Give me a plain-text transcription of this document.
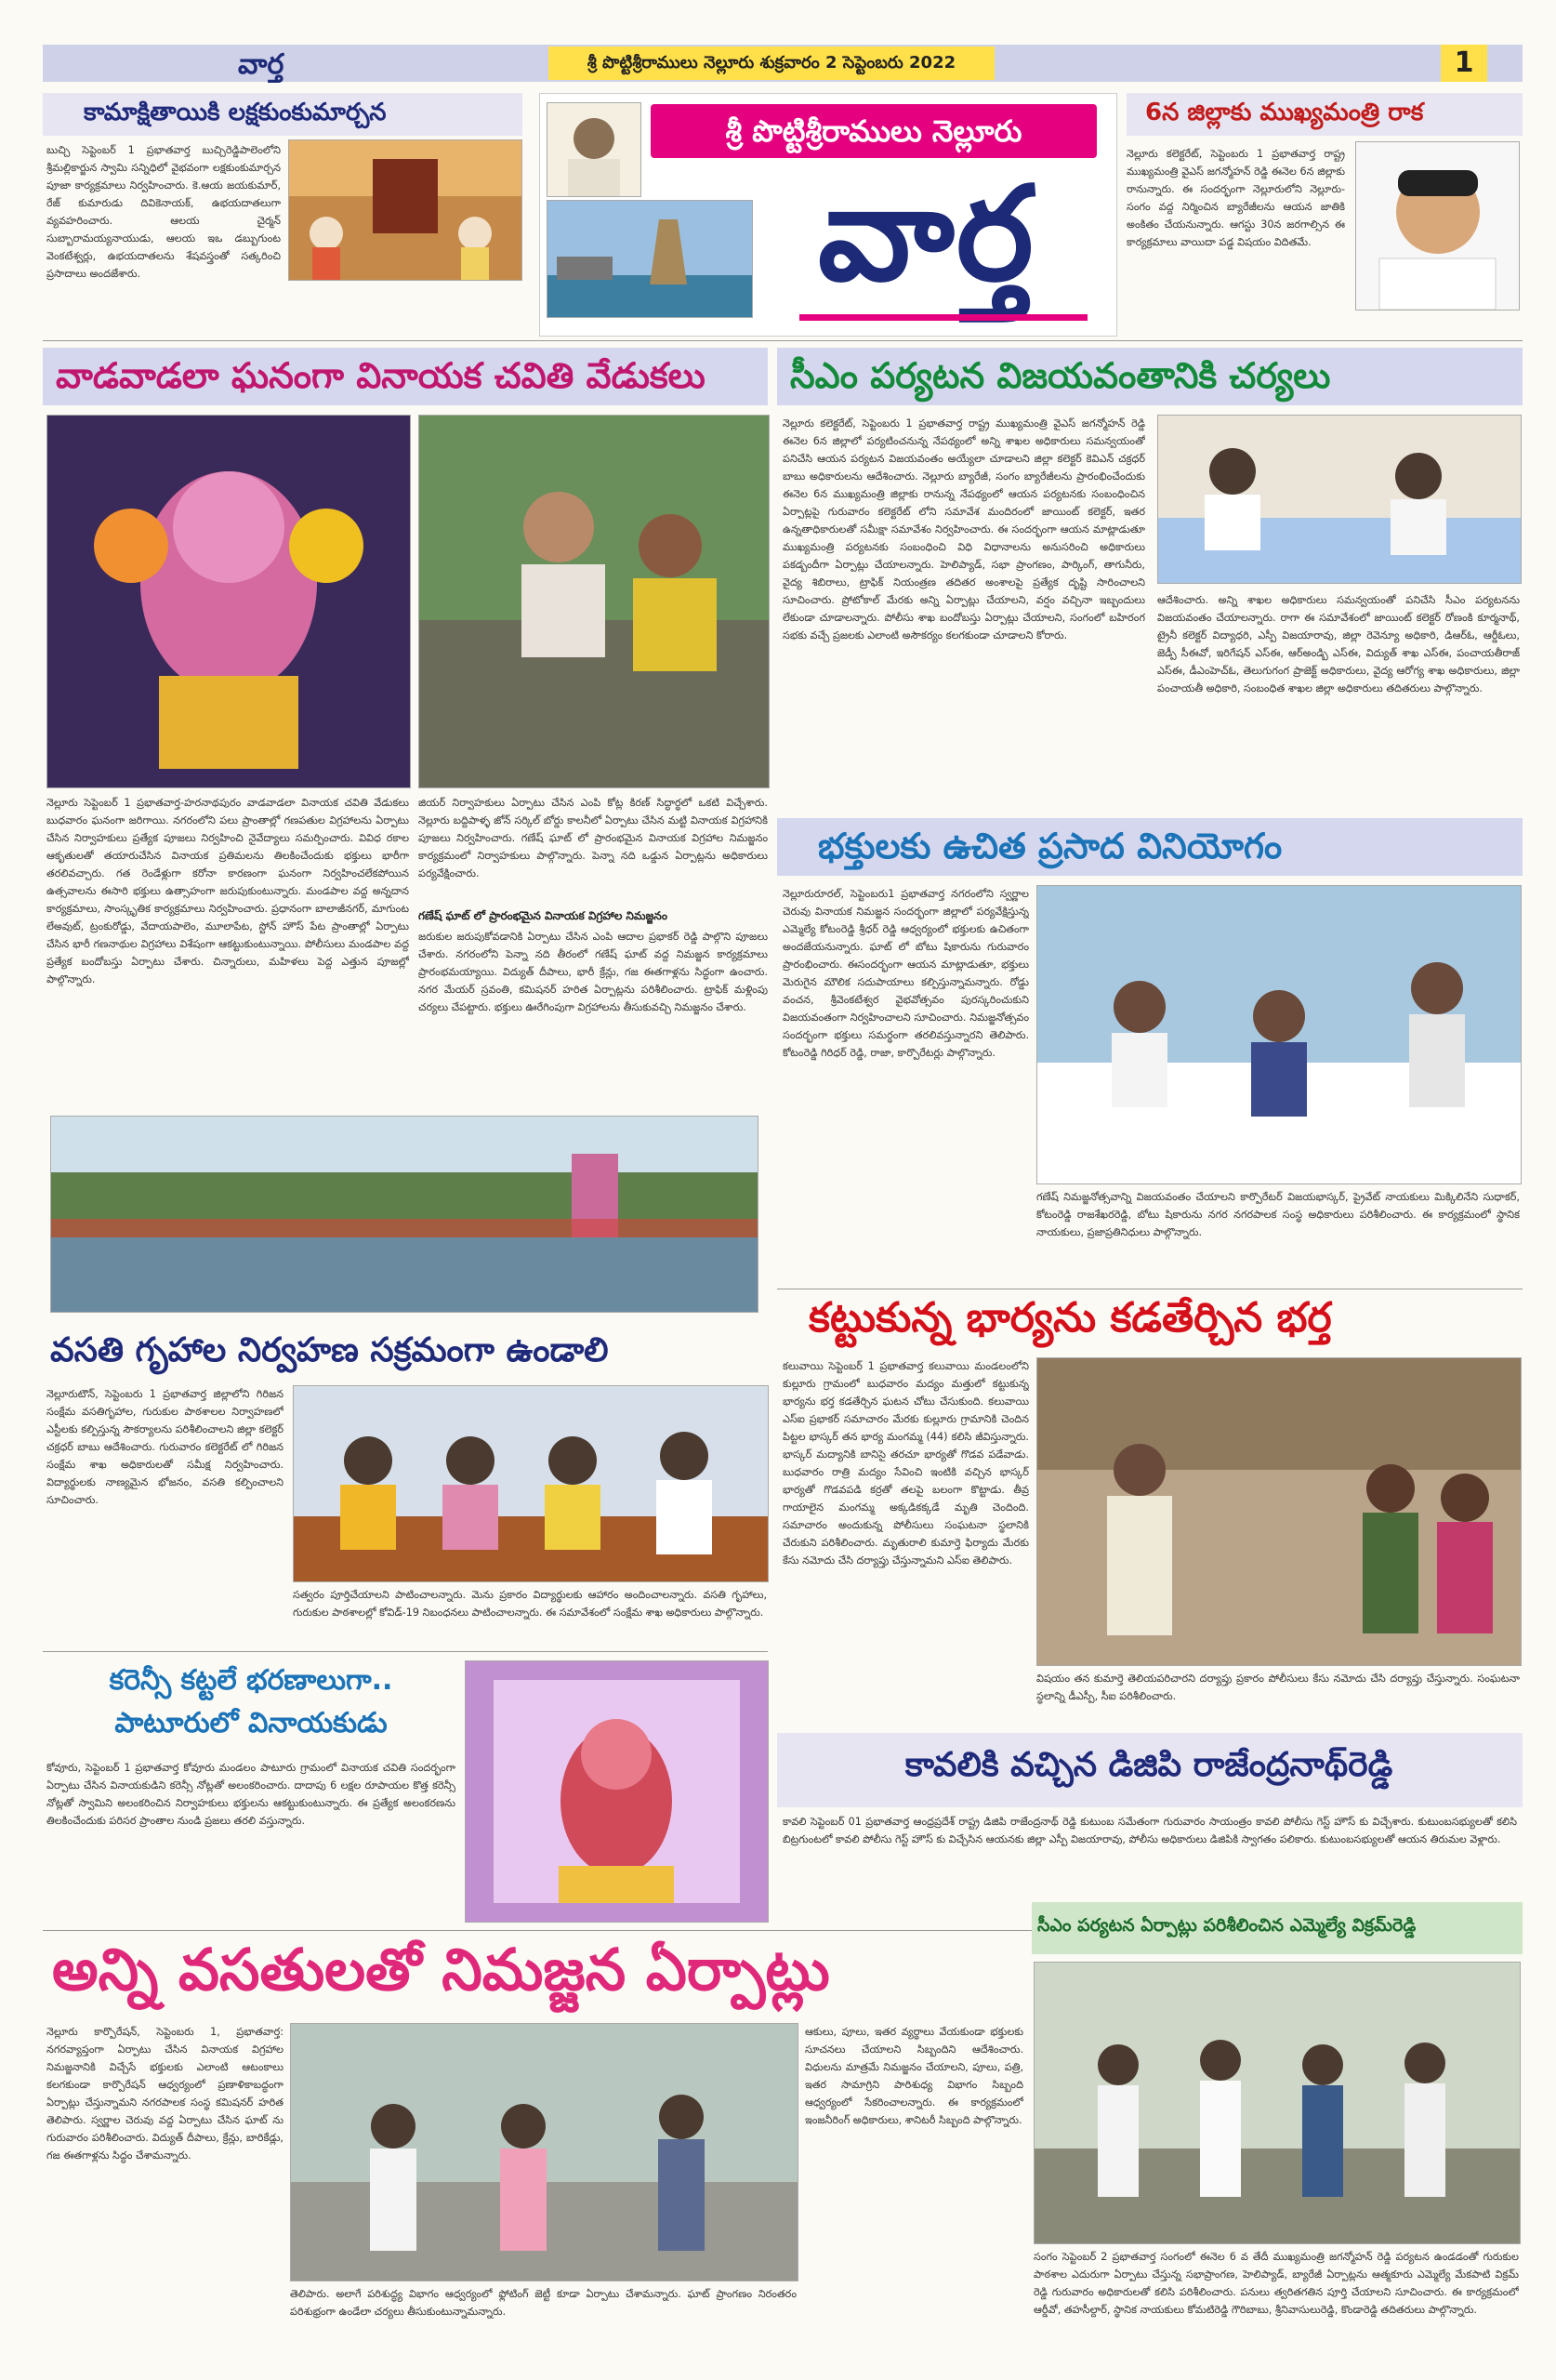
వార్త	శ్రీ పొట్టిశ్రీరాములు నెల్లూరు శుక్రవారం 2 సెప్టెంబరు 2022	1
కామాక్షితాయికి లక్షకుంకుమార్చన
బుచ్చి సెప్టెంబర్ 1 ప్రభాతవార్త బుచ్చిరెడ్డిపాలెంలోని శ్రీమల్లికార్జున స్వామి సన్నిధిలో వైభవంగా లక్షకుంకుమార్చన పూజా కార్యక్రమాలు నిర్వహించారు. కె.ఆయ జయకుమార్, రేజ్ కుమారుడు దివికెనాయక్, ఉభయదాతలుగా వ్యవహరించారు. ఆలయ చైర్మన్ సుబ్బారామయ్యనాయుడు, ఆలయ ఇఒ డబ్బుగుంట వెంకటేశ్వర్లు, ఉభయదాతలను శేషవస్త్రంతో సత్కరించి ప్రసాదాలు అందజేశారు.
శ్రీ పొట్టిశ్రీరాములు నెల్లూరు
వార్త
6న జిల్లాకు ముఖ్యమంత్రి రాక
నెల్లూరు కలెక్టరేట్, సెప్టెంబరు 1 ప్రభాతవార్త రాష్ట్ర ముఖ్యమంత్రి వైఎస్ జగన్మోహన్ రెడ్డి ఈనెల 6న జిల్లాకు రానున్నారు. ఈ సందర్భంగా నెల్లూరులోని నెల్లూరు-సంగం వద్ద నిర్మించిన బ్యారేజీలను ఆయన జాతికి అంకితం చేయనున్నారు. ఆగస్టు 30న జరగాల్సిన ఈ కార్యక్రమాలు వాయిదా పడ్డ విషయం విదితమే.
వాడవాడలా ఘనంగా వినాయక చవితి వేడుకలు
నెల్లూరు సెప్టెంబర్ 1 ప్రభాతవార్త-హరనాథపురం వాడవాడలా వినాయక చవితి వేడుకలు బుధవారం ఘనంగా జరిగాయి. నగరంలోని పలు ప్రాంతాల్లో గణపతుల విగ్రహాలను ఏర్పాటు చేసిన నిర్వాహకులు ప్రత్యేక పూజలు నిర్వహించి నైవేద్యాలు సమర్పించారు. వివిధ రకాల ఆకృతులతో తయారుచేసిన వినాయక ప్రతిమలను తిలకించేందుకు భక్తులు భారీగా తరలివచ్చారు. గత రెండేళ్లుగా కరోనా కారణంగా ఘనంగా నిర్వహించలేకపోయిన ఉత్సవాలను ఈసారి భక్తులు ఉత్సాహంగా జరుపుకుంటున్నారు. మండపాల వద్ద అన్నదాన కార్యక్రమాలు, సాంస్కృతిక కార్యక్రమాలు నిర్వహించారు. ప్రధానంగా బాలాజీనగర్, మాగుంట లేఅవుట్, ట్రంకురోడ్డు, వేదాయపాలెం, మూలాపేట, స్టోన్ హౌస్ పేట ప్రాంతాల్లో ఏర్పాటు చేసిన భారీ గణనాథుల విగ్రహాలు విశేషంగా ఆకట్టుకుంటున్నాయి. పోలీసులు మండపాల వద్ద ప్రత్యేక బందోబస్తు ఏర్పాటు చేశారు. చిన్నారులు, మహిళలు పెద్ద ఎత్తున పూజల్లో పాల్గొన్నారు.
జియర్ నిర్వాహకులు ఏర్పాటు చేసిన ఎంపి కోట్ల కిరణ్ సిద్ధార్థలో ఒకటి విచ్చేశారు. నెల్లూరు బద్దిపాళ్ళ జోన్ సర్కిల్ బోర్డు కాలనీలో ఏర్పాటు చేసిన మట్టి వినాయక విగ్రహానికి పూజలు నిర్వహించారు. గణేష్ ఘాట్ లో ప్రారంభమైన వినాయక విగ్రహాల నిమజ్జనం కార్యక్రమంలో నిర్వాహకులు పాల్గొన్నారు. పెన్నా నది ఒడ్డున ఏర్పాట్లను అధికారులు పర్యవేక్షించారు.
గణేష్ ఘాట్ లో ప్రారంభమైన వినాయక విగ్రహాల నిమజ్జనం
జరుకుల జరుపుకోవడానికి ఏర్పాటు చేసిన ఎంపి ఆదాల ప్రభాకర్ రెడ్డి పాల్గొని పూజలు చేశారు. నగరంలోని పెన్నా నది తీరంలో గణేష్ ఘాట్ వద్ద నిమజ్జన కార్యక్రమాలు ప్రారంభమయ్యాయి. విద్యుత్ దీపాలు, భారీ క్రేన్లు, గజ ఈతగాళ్లను సిద్ధంగా ఉంచారు. నగర మేయర్ స్రవంతి, కమిషనర్ హరిత ఏర్పాట్లను పరిశీలించారు. ట్రాఫిక్ మళ్లింపు చర్యలు చేపట్టారు. భక్తులు ఊరేగింపుగా విగ్రహాలను తీసుకువచ్చి నిమజ్జనం చేశారు.
సీఎం పర్యటన విజయవంతానికి చర్యలు
నెల్లూరు కలెక్టరేట్, సెప్టెంబరు 1 ప్రభాతవార్త రాష్ట్ర ముఖ్యమంత్రి వైఎస్ జగన్మోహన్ రెడ్డి ఈనెల 6న జిల్లాలో పర్యటించనున్న నేపథ్యంలో అన్ని శాఖల అధికారులు సమన్వయంతో పనిచేసి ఆయన పర్యటన విజయవంతం అయ్యేలా చూడాలని జిల్లా కలెక్టర్ కెవిఎన్ చక్రధర్ బాబు అధికారులను ఆదేశించారు. నెల్లూరు బ్యారేజీ, సంగం బ్యారేజీలను ప్రారంభించేందుకు ఈనెల 6న ముఖ్యమంత్రి జిల్లాకు రానున్న నేపథ్యంలో ఆయన పర్యటనకు సంబంధించిన ఏర్పాట్లపై గురువారం కలెక్టరేట్ లోని సమావేశ మందిరంలో జాయింట్ కలెక్టర్, ఇతర ఉన్నతాధికారులతో సమీక్షా సమావేశం నిర్వహించారు. ఈ సందర్భంగా ఆయన మాట్లాడుతూ ముఖ్యమంత్రి పర్యటనకు సంబంధించి విధి విధానాలను అనుసరించి అధికారులు పకడ్బందీగా ఏర్పాట్లు చేయాలన్నారు. హెలిప్యాడ్, సభా ప్రాంగణం, పార్కింగ్, తాగునీరు, వైద్య శిబిరాలు, ట్రాఫిక్ నియంత్రణ తదితర అంశాలపై ప్రత్యేక దృష్టి సారించాలని సూచించారు. ప్రోటోకాల్ మేరకు అన్ని ఏర్పాట్లు చేయాలని, వర్షం వచ్చినా ఇబ్బందులు లేకుండా చూడాలన్నారు. పోలీసు శాఖ బందోబస్తు ఏర్పాట్లు చేయాలని, సంగంలో బహిరంగ సభకు వచ్చే ప్రజలకు ఎలాంటి అసౌకర్యం కలగకుండా చూడాలని కోరారు.
ఆదేశించారు. అన్ని శాఖల అధికారులు సమన్వయంతో పనిచేసి సీఎం పర్యటనను విజయవంతం చేయాలన్నారు. రాగా ఈ సమావేశంలో జాయింట్ కలెక్టర్ రోణంకి కూర్మనాథ్, ట్రైనీ కలెక్టర్ విద్యాధరి, ఎస్పీ విజయారావు, జిల్లా రెవెన్యూ అధికారి, డిఆర్ఓ, ఆర్డీఓలు, జెడ్పీ సీఈవో, ఇరిగేషన్ ఎస్ఈ, ఆర్అండ్బి ఎస్ఈ, విద్యుత్ శాఖ ఎస్ఈ, పంచాయతీరాజ్ ఎస్ఈ, డీఎంహెచ్ఓ, తెలుగుగంగ ప్రాజెక్ట్ అధికారులు, వైద్య ఆరోగ్య శాఖ అధికారులు, జిల్లా పంచాయతీ అధికారి, సంబంధిత శాఖల జిల్లా అధికారులు తదితరులు పాల్గొన్నారు.
భక్తులకు ఉచిత ప్రసాద వినియోగం
నెల్లూరురూరల్, సెప్టెంబరు1 ప్రభాతవార్త నగరంలోని స్వర్ణాల చెరువు వినాయక నిమజ్జన సందర్భంగా జిల్లాలో పర్యవేక్షిస్తున్న ఎమ్మెల్యే కోటంరెడ్డి శ్రీధర్ రెడ్డి ఆధ్వర్యంలో భక్తులకు ఉచితంగా అందజేయనున్నారు. ఘాట్ లో బోటు షికారును గురువారం ప్రారంభించారు. ఈసందర్భంగా ఆయన మాట్లాడుతూ, భక్తులు మెరుగైన మౌలిక సదుపాయాలు కల్పిస్తున్నామన్నారు. రోడ్డు వంచన, శ్రీవెంకటేశ్వర వైభవోత్సవం పురస్కరించుకుని విజయవంతంగా నిర్వహించాలని సూచించారు. నిమజ్జనోత్సవం సందర్భంగా భక్తులు సమర్థంగా తరలివస్తున్నారని తెలిపారు. కోటంరెడ్డి గిరిధర్ రెడ్డి, రాజా, కార్పొరేటర్లు పాల్గొన్నారు.
గణేష్ నిమజ్జనోత్సవాన్ని విజయవంతం చేయాలని కార్పొరేటర్ విజయభాస్కర్, ప్రైవేట్ నాయకులు మిక్కిలినేని సుధాకర్, కోటంరెడ్డి రాజశేఖరరెడ్డి, బోటు షికారును నగర నగరపాలక సంస్థ అధికారులు పరిశీలించారు. ఈ కార్యక్రమంలో స్థానిక నాయకులు, ప్రజాప్రతినిధులు పాల్గొన్నారు.
కట్టుకున్న భార్యను కడతేర్చిన భర్త
కలువాయి సెప్టెంబర్ 1 ప్రభాతవార్త కలువాయి మండలంలోని కుల్లూరు గ్రామంలో బుధవారం మద్యం మత్తులో కట్టుకున్న భార్యను భర్త కడతేర్చిన ఘటన చోటు చేసుకుంది. కలువాయి ఎస్ఐ ప్రభాకర్ సమాచారం మేరకు కుల్లూరు గ్రామానికి చెందిన పిట్టల భాస్కర్ తన భార్య మంగమ్మ (44) కలిసి జీవిస్తున్నారు. భాస్కర్ మద్యానికి బానిసై తరచూ భార్యతో గొడవ పడేవాడు. బుధవారం రాత్రి మద్యం సేవించి ఇంటికి వచ్చిన భాస్కర్ భార్యతో గొడవపడి కర్రతో తలపై బలంగా కొట్టాడు. తీవ్ర గాయాలైన మంగమ్మ అక్కడికక్కడే మృతి చెందింది. సమాచారం అందుకున్న పోలీసులు సంఘటనా స్థలానికి చేరుకుని పరిశీలించారు. మృతురాలి కుమార్తె ఫిర్యాదు మేరకు కేసు నమోదు చేసి దర్యాప్తు చేస్తున్నామని ఎస్ఐ తెలిపారు.
విషయం తన కుమార్తె తెలియపరిచారని దర్యాప్తు ప్రకారం పోలీసులు కేసు నమోదు చేసి దర్యాప్తు చేస్తున్నారు. సంఘటనా స్థలాన్ని డీఎస్పీ, సీఐ పరిశీలించారు.
వసతి గృహాల నిర్వహణ సక్రమంగా ఉండాలి
నెల్లూరుటౌన్, సెప్టెంబరు 1 ప్రభాతవార్త జిల్లాలోని గిరిజన సంక్షేమ వసతిగృహాల, గురుకుల పాఠశాలల నిర్వాహణలో ఎస్టీలకు కల్పిస్తున్న సౌకర్యాలను పరిశీలించాలని జిల్లా కలెక్టర్ చక్రధర్ బాబు ఆదేశించారు. గురువారం కలెక్టరేట్ లో గిరిజన సంక్షేమ శాఖ అధికారులతో సమీక్ష నిర్వహించారు. విద్యార్థులకు నాణ్యమైన భోజనం, వసతి కల్పించాలని సూచించారు.
సత్వరం పూర్తిచేయాలని పాటించాలన్నారు. మెను ప్రకారం విద్యార్థులకు ఆహారం అందించాలన్నారు. వసతి గృహాలు, గురుకుల పాఠశాలల్లో కోవిడ్-19 నిబంధనలు పాటించాలన్నారు. ఈ సమావేశంలో సంక్షేమ శాఖ అధికారులు పాల్గొన్నారు.
కరెన్సీ కట్టలే భరణాలుగా..
పాటూరులో వినాయకుడు
కోవూరు, సెప్టెంబర్ 1 ప్రభాతవార్త కోవూరు మండలం పాటూరు గ్రామంలో వినాయక చవితి సందర్భంగా ఏర్పాటు చేసిన వినాయకుడిని కరెన్సీ నోట్లతో అలంకరించారు. దాదాపు 6 లక్షల రూపాయల కొత్త కరెన్సీ నోట్లతో స్వామిని అలంకరించిన నిర్వాహకులు భక్తులను ఆకట్టుకుంటున్నారు. ఈ ప్రత్యేక అలంకరణను తిలకించేందుకు పరిసర ప్రాంతాల నుండి ప్రజలు తరలి వస్తున్నారు.
కావలికి వచ్చిన డిజిపి రాజేంద్రనాథ్‌రెడ్డి
కావలి సెప్టెంబర్ 01 ప్రభాతవార్త ఆంధ్రప్రదేశ్ రాష్ట్ర డిజిపి రాజేంద్రనాథ్ రెడ్డి కుటుంబ సమేతంగా గురువారం సాయంత్రం కావలి పోలీసు గెస్ట్ హౌస్ కు విచ్చేశారు. కుటుంబసభ్యులతో కలిసి బిట్రగుంటలో కావలి పోలీసు గెస్ట్ హౌస్ కు విచ్చేసిన ఆయనకు జిల్లా ఎస్పీ విజయారావు, పోలీసు అధికారులు డిజిపికి స్వాగతం పలికారు. కుటుంబసభ్యులతో ఆయన తిరుమల వెళ్లారు.
అన్ని వసతులతో నిమజ్జన ఏర్పాట్లు
నెల్లూరు కార్పొరేషన్, సెప్టెంబరు 1, ప్రభాతవార్త: నగరవ్యాప్తంగా ఏర్పాటు చేసిన వినాయక విగ్రహాల నిమజ్జనానికి విచ్చేసే భక్తులకు ఎలాంటి ఆటంకాలు కలగకుండా కార్పొరేషన్ ఆధ్వర్యంలో ప్రణాళికాబద్ధంగా ఏర్పాట్లు చేస్తున్నామని నగరపాలక సంస్థ కమిషనర్ హరిత తెలిపారు. స్వర్ణాల చెరువు వద్ద ఏర్పాటు చేసిన ఘాట్ ను గురువారం పరిశీలించారు. విద్యుత్ దీపాలు, క్రేన్లు, బారికేడ్లు, గజ ఈతగాళ్లను సిద్ధం చేశామన్నారు.
తెలిపారు. అలాగే పరిశుద్ధ్య విభాగం ఆధ్వర్యంలో ఫ్లోటింగ్ జెట్టీ కూడా ఏర్పాటు చేశామన్నారు. ఘాట్ ప్రాంగణం నిరంతరం పరిశుభ్రంగా ఉండేలా చర్యలు తీసుకుంటున్నామన్నారు.
ఆకులు, పూలు, ఇతర వ్యర్థాలు వేయకుండా భక్తులకు సూచనలు చేయాలని సిబ్బందిని ఆదేశించారు. విధులను మాత్రమే నిమజ్జనం చేయాలని, పూలు, పత్రి, ఇతర సామాగ్రిని పారిశుధ్య విభాగం సిబ్బంది ఆధ్వర్యంలో సేకరించాలన్నారు. ఈ కార్యక్రమంలో ఇంజనీరింగ్ అధికారులు, శానిటరీ సిబ్బంది పాల్గొన్నారు.
సీఎం పర్యటన ఏర్పాట్లు పరిశీలించిన ఎమ్మెల్యే విక్రమ్‌రెడ్డి
సంగం సెప్టెంబర్ 2 ప్రభాతవార్త సంగంలో ఈనెల 6 వ తేదీ ముఖ్యమంత్రి జగన్మోహన్ రెడ్డి పర్యటన ఉండడంతో గురుకుల పాఠశాల ఎదురుగా ఏర్పాటు చేస్తున్న సభాప్రాంగణ, హెలిప్యాడ్, బ్యారేజీ ఏర్పాట్లను ఆత్మకూరు ఎమ్మెల్యే మేకపాటి విక్రమ్ రెడ్డి గురువారం అధికారులతో కలిసి పరిశీలించారు. పనులు త్వరితగతిన పూర్తి చేయాలని సూచించారు. ఈ కార్యక్రమంలో ఆర్డీవో, తహసీల్దార్, స్థానిక నాయకులు కోమటిరెడ్డి గౌరిబాబు, శ్రీనివాసులురెడ్డి, కొండారెడ్డి తదితరులు పాల్గొన్నారు.
